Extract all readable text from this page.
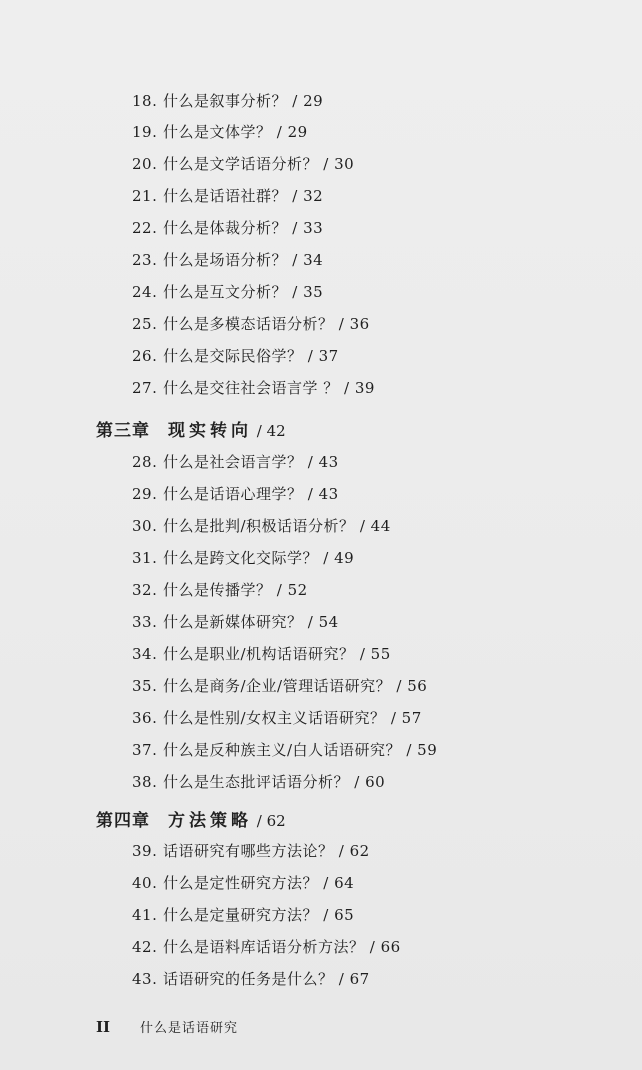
18. 什么是叙事分析？ / 29
19. 什么是文体学？ / 29
20. 什么是文学话语分析？ / 30
21. 什么是话语社群？ / 32
22. 什么是体裁分析？ / 33
23. 什么是场语分析？ / 34
24. 什么是互文分析？ / 35
25. 什么是多模态话语分析？ / 36
26. 什么是交际民俗学？ / 37
27. 什么是交往社会语言学 ？ / 39
第三章 现实转向 / 42
28. 什么是社会语言学？ / 43
29. 什么是话语心理学？ / 43
30. 什么是批判/积极话语分析？ / 44
31. 什么是跨文化交际学？ / 49
32. 什么是传播学？ / 52
33. 什么是新媒体研究？ / 54
34. 什么是职业/机构话语研究？ / 55
35. 什么是商务/企业/管理话语研究？ / 56
36. 什么是性别/女权主义话语研究？ / 57
37. 什么是反种族主义/白人话语研究？ / 59
38. 什么是生态批评话语分析？ / 60
第四章 方法策略 / 62
39. 话语研究有哪些方法论？ / 62
40. 什么是定性研究方法？ / 64
41. 什么是定量研究方法？ / 65
42. 什么是语料库话语分析方法？ / 66
43. 话语研究的任务是什么？ / 67
II 什么是话语研究
